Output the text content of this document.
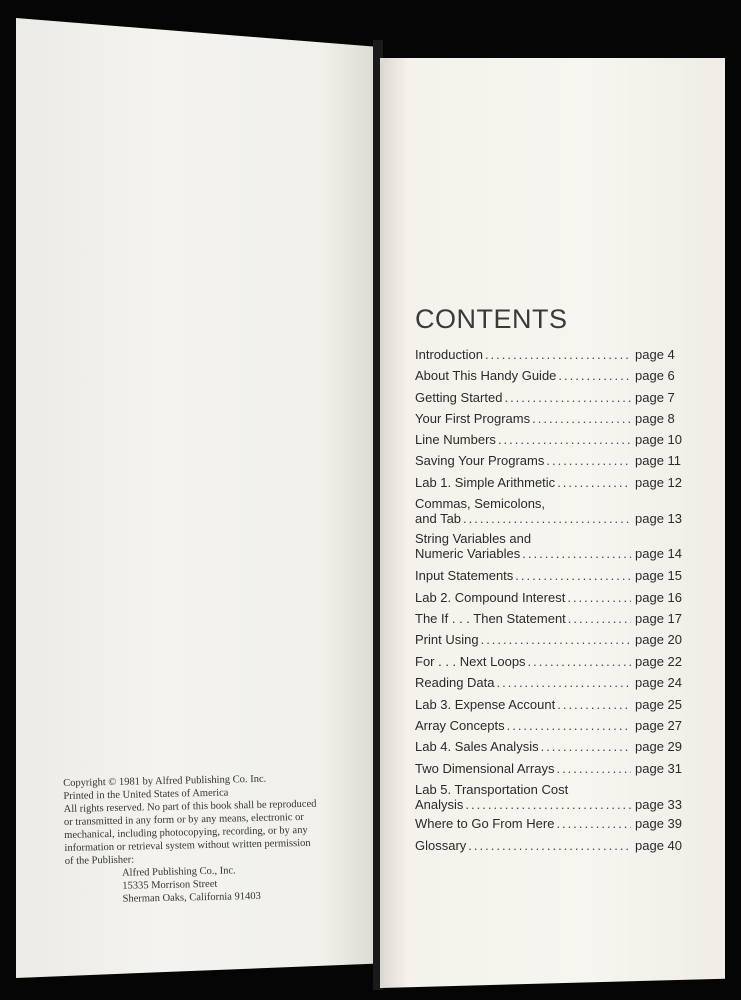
Copyright © 1981 by Alfred Publishing Co. Inc.
Printed in the United States of America
All rights reserved. No part of this book shall be reproduced
or transmitted in any form or by any means, electronic or
mechanical, including photocopying, recording, or by any
information or retrieval system without written permission
of the Publisher:
Alfred Publishing Co., Inc.
15335 Morrison Street
Sherman Oaks, California 91403
CONTENTS
Introduction .....	page 4
About This Handy Guide .....	page 6
Getting Started .....	page 7
Your First Programs .....	page 8
Line Numbers .....	page 10
Saving Your Programs .....	page 11
Lab 1. Simple Arithmetic .....	page 12
Commas, Semicolons,
and Tab .....	page 13
String Variables and
Numeric Variables .....	page 14
Input Statements .....	page 15
Lab 2. Compound Interest .....	page 16
The If . . . Then Statement .....	page 17
Print Using .....	page 20
For . . . Next Loops .....	page 22
Reading Data .....	page 24
Lab 3. Expense Account .....	page 25
Array Concepts .....	page 27
Lab 4. Sales Analysis .....	page 29
Two Dimensional Arrays .....	page 31
Lab 5. Transportation Cost
Analysis .....	page 33
Where to Go From Here .....	page 39
Glossary .....	page 40
